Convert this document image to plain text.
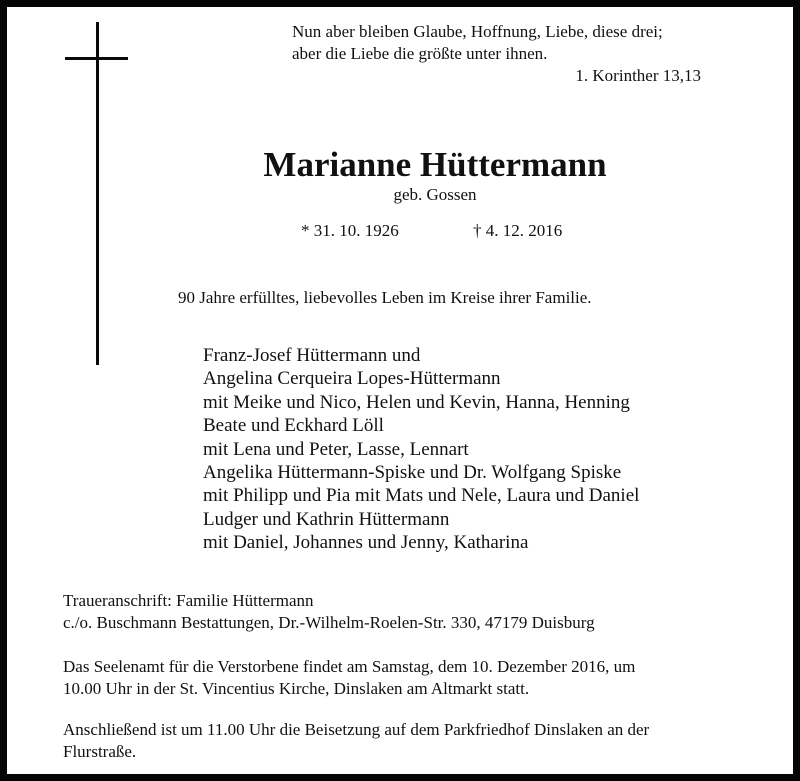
Nun aber bleiben Glaube, Hoffnung, Liebe, diese drei;
aber die Liebe die größte unter ihnen.
1. Korinther 13,13
Marianne Hüttermann
geb. Gossen
* 31. 10. 1926	† 4. 12. 2016
90 Jahre erfülltes, liebevolles Leben im Kreise ihrer Familie.
Franz-Josef Hüttermann und
Angelina Cerqueira Lopes-Hüttermann
mit Meike und Nico, Helen und Kevin, Hanna, Henning
Beate und Eckhard Löll
mit Lena und Peter, Lasse, Lennart
Angelika Hüttermann-Spiske und Dr. Wolfgang Spiske
mit Philipp und Pia mit Mats und Nele, Laura und Daniel
Ludger und Kathrin Hüttermann
mit Daniel, Johannes und Jenny, Katharina
Traueranschrift: Familie Hüttermann
c./o. Buschmann Bestattungen, Dr.-Wilhelm-Roelen-Str. 330, 47179 Duisburg
Das Seelenamt für die Verstorbene findet am Samstag, dem 10. Dezember 2016, um
10.00 Uhr in der St. Vincentius Kirche, Dinslaken am Altmarkt statt.
Anschließend ist um 11.00 Uhr die Beisetzung auf dem Parkfriedhof Dinslaken an der
Flurstraße.
